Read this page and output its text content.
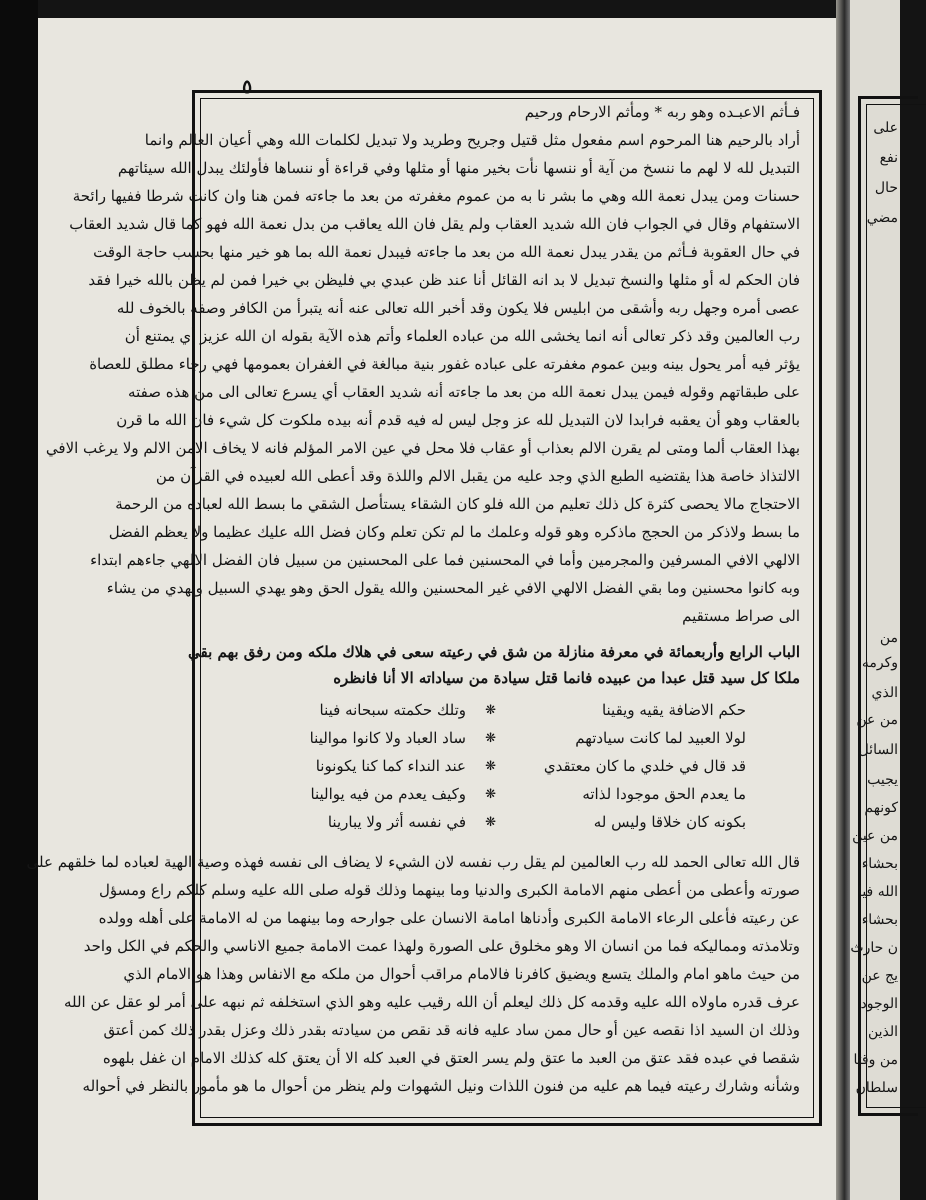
٥
فـأثم الاعبـده وهو ربه * ومأثم الارحام ورحيم
أراد بالرحيم هنا المرحوم اسم مفعول مثل قتيل وجريح وطريد ولا تبديل لكلمات الله وهي أعيان العالم وانما
التبديل لله لا لهم ما ننسخ من آية أو ننسها نأت بخير منها أو مثلها وفي قراءة أو ننساها فأولئك يبدل الله سيئاتهم
حسنات ومن يبدل نعمة الله وهي ما بشر نا به من عموم مغفرته من بعد ما جاءته فمن هنا وان كانت شرطا ففيها رائحة
الاستفهام وقال في الجواب فان الله شديد العقاب ولم يقل فان الله يعاقب من بدل نعمة الله فهو كما قال شديد العقاب
في حال العقوبة فـأثم من يقدر يبدل نعمة الله من بعد ما جاءته فيبدل نعمة الله بما هو خير منها بحسب حاجة الوقت
فان الحكم له أو مثلها والنسخ تبديل لا بد انه القائل أنا عند ظن عبدي بي فليظن بي خيرا فمن لم يظن بالله خيرا فقد
عصى أمره وجهل ربه وأشقى من ابليس فلا يكون وقد أخبر الله تعالى عنه أنه يتبرأ من الكافر وصفه بالخوف لله
رب العالمين وقد ذكر تعالى أنه انما يخشى الله من عباده العلماء وأتم هذه الآية بقوله ان الله عزيز أي يمتنع أن
يؤثر فيه أمر يحول بينه وبين عموم مغفرته على عباده غفور بنية مبالغة في الغفران بعمومها فهي رجاء مطلق للعصاة
على طبقاتهم وقوله فيمن يبدل نعمة الله من بعد ما جاءته أنه شديد العقاب أي يسرع تعالى الى من هذه صفته
بالعقاب وهو أن يعقبه فرابدا لان التبديل لله عز وجل ليس له فيه قدم أنه بيده ملكوت كل شيء فان الله ما قرن
بهذا العقاب ألما ومتى لم يقرن الالم بعذاب أو عقاب فلا محل في عين الامر المؤلم فانه لا يخاف الامن الالم ولا يرغب الافي
الالتذاذ خاصة هذا يقتضيه الطبع الذي وجد عليه من يقبل الالم واللذة وقد أعطى الله لعبيده في القرآن من
الاحتجاج مالا يحصى كثرة كل ذلك تعليم من الله فلو كان الشقاء يستأصل الشقي ما بسط الله لعباده من الرحمة
ما بسط ولاذكر من الحجج ماذكره وهو قوله وعلمك ما لم تكن تعلم وكان فضل الله عليك عظيما ولا يعظم الفضل
الالهي الافي المسرفين والمجرمين وأما في المحسنين فما على المحسنين من سبيل فان الفضل الالهي جاءهم ابتداء
وبه كانوا محسنين وما بقي الفضل الالهي الافي غير المحسنين والله يقول الحق وهو يهدي السبيل ويهدي من يشاء
الى صراط مستقيم
الباب الرابع وأربعمائة في معرفة منازلة من شق في رعيته سعى في هلاك ملكه ومن رفق بهم بقي
ملكا كل سيد قتل عبدا من عبيده فانما قتل سيادة من سياداته الا أنا فانظره
حكم الاضافة يقيه ويقينا
❋
وتلك حكمته سبحانه فينا
لولا العبيد لما كانت سيادتهم
❋
ساد العباد ولا كانوا موالينا
قد قال في خلدي ما كان معتقدي
❋
عند النداء كما كنا يكونونا
ما يعدم الحق موجودا لذاته
❋
وكيف يعدم من فيه يوالينا
بكونه كان خلاقا وليس له
❋
في نفسه أثر ولا يبارينا
قال الله تعالى الحمد لله رب العالمين لم يقل رب نفسه لان الشيء لا يضاف الى نفسه فهذه وصية الهية لعباده لما خلقهم على
صورته وأعطى من أعطى منهم الامامة الكبرى والدنيا وما بينهما وذلك قوله صلى الله عليه وسلم كلكم راع ومسؤل
عن رعيته فأعلى الرعاء الامامة الكبرى وأدناها امامة الانسان على جوارحه وما بينهما من له الامامة على أهله وولده
وتلامذته ومماليكه فما من انسان الا وهو مخلوق على الصورة ولهذا عمت الامامة جميع الاناسي والحكم في الكل واحد
من حيث ماهو امام والملك يتسع ويضيق كافرنا فالامام مراقب أحوال من ملكه مع الانفاس وهذا هو الامام الذي
عرف قدره ماولاه الله عليه وقدمه كل ذلك ليعلم أن الله رقيب عليه وهو الذي استخلفه ثم نبهه على أمر لو عقل عن الله
وذلك ان السيد اذا نقصه عين أو حال ممن ساد عليه فانه قد نقص من سيادته بقدر ذلك وعزل بقدر ذلك كمن أعتق
شقصا في عبده فقد عتق من العبد ما عتق ولم يسر العتق في العبد كله الا أن يعتق كله كذلك الامام ان غفل بلهوه
وشأنه وشارك رعيته فيما هم عليه من فنون اللذات ونيل الشهوات ولم ينظر من أحوال ما هو مأمور بالنظر في أحواله
على
نفع
حال
مضي
من
وكرمه
الذي
من عن
السائل
يجيب
كونهم
من عين
بحشاء
الله فيا
بحشاء
ن حارث
يج عن
الوجود
الذين
من وقتا
سلطان
